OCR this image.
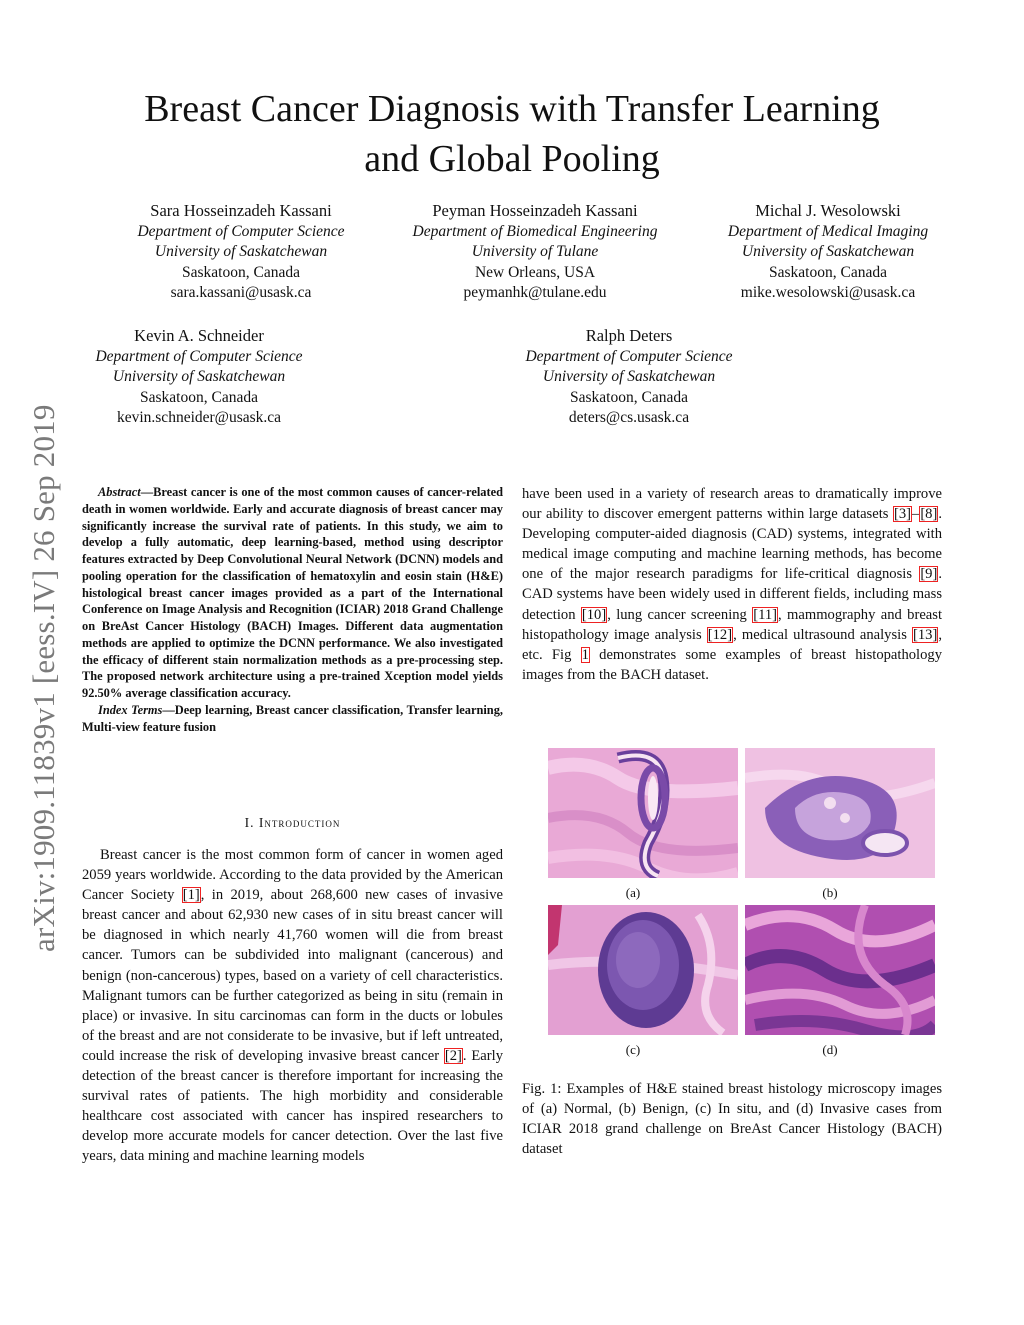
arXiv:1909.11839v1 [eess.IV] 26 Sep 2019
Breast Cancer Diagnosis with Transfer Learning
and Global Pooling
Sara Hosseinzadeh Kassani
Department of Computer Science
University of Saskatchewan
Saskatoon, Canada
sara.kassani@usask.ca
Peyman Hosseinzadeh Kassani
Department of Biomedical Engineering
University of Tulane
New Orleans, USA
peymanhk@tulane.edu
Michal J. Wesolowski
Department of Medical Imaging
University of Saskatchewan
Saskatoon, Canada
mike.wesolowski@usask.ca
Kevin A. Schneider
Department of Computer Science
University of Saskatchewan
Saskatoon, Canada
kevin.schneider@usask.ca
Ralph Deters
Department of Computer Science
University of Saskatchewan
Saskatoon, Canada
deters@cs.usask.ca

Abstract—Breast cancer is one of the most common causes of cancer-related death in women worldwide. Early and accurate diagnosis of breast cancer may significantly increase the survival rate of patients. In this study, we aim to develop a fully automatic, deep learning-based, method using descriptor features extracted by Deep Convolutional Neural Network (DCNN) models and pooling operation for the classification of hematoxylin and eosin stain (H&E) histological breast cancer images provided as a part of the International Conference on Image Analysis and Recognition (ICIAR) 2018 Grand Challenge on BreAst Cancer Histology (BACH) Images. Different data augmentation methods are applied to optimize the DCNN performance. We also investigated the efficacy of different stain normalization methods as a pre-processing step. The proposed network architecture using a pre-trained Xception model yields 92.50% average classification accuracy.

Index Terms—Deep learning, Breast cancer classification, Transfer learning, Multi-view feature fusion

I. Introduction

Breast cancer is the most common form of cancer in women aged 2059 years worldwide. According to the data provided by the American Cancer Society [1], in 2019, about 268,600 new cases of invasive breast cancer and about 62,930 new cases of in situ breast cancer will be diagnosed in which nearly 41,760 women will die from breast cancer. Tumors can be subdivided into malignant (cancerous) and benign (non-cancerous) types, based on a variety of cell characteristics. Malignant tumors can be further categorized as being in situ (remain in place) or invasive. In situ carcinomas can form in the ducts or lobules of the breast and are not considerate to be invasive, but if left untreated, could increase the risk of developing invasive breast cancer [2]. Early detection of the breast cancer is therefore important for increasing the survival rates of patients. The high morbidity and considerable healthcare cost associated with cancer has inspired researchers to develop more accurate models for cancer detection. Over the last five years, data mining and machine learning models

have been used in a variety of research areas to dramatically improve our ability to discover emergent patterns within large datasets [3]–[8]. Developing computer-aided diagnosis (CAD) systems, integrated with medical image computing and machine learning methods, has become one of the major research paradigms for life-critical diagnosis [9]. CAD systems have been widely used in different fields, including mass detection [10], lung cancer screening [11], mammography and breast histopathology image analysis [12], medical ultrasound analysis [13], etc. Fig 1 demonstrates some examples of breast histopathology images from the BACH dataset.

(a)	(b)
(c)	(d)
Fig. 1: Examples of H&E stained breast histology microscopy images of (a) Normal, (b) Benign, (c) In situ, and (d) Invasive cases from ICIAR 2018 grand challenge on BreAst Cancer Histology (BACH) dataset
